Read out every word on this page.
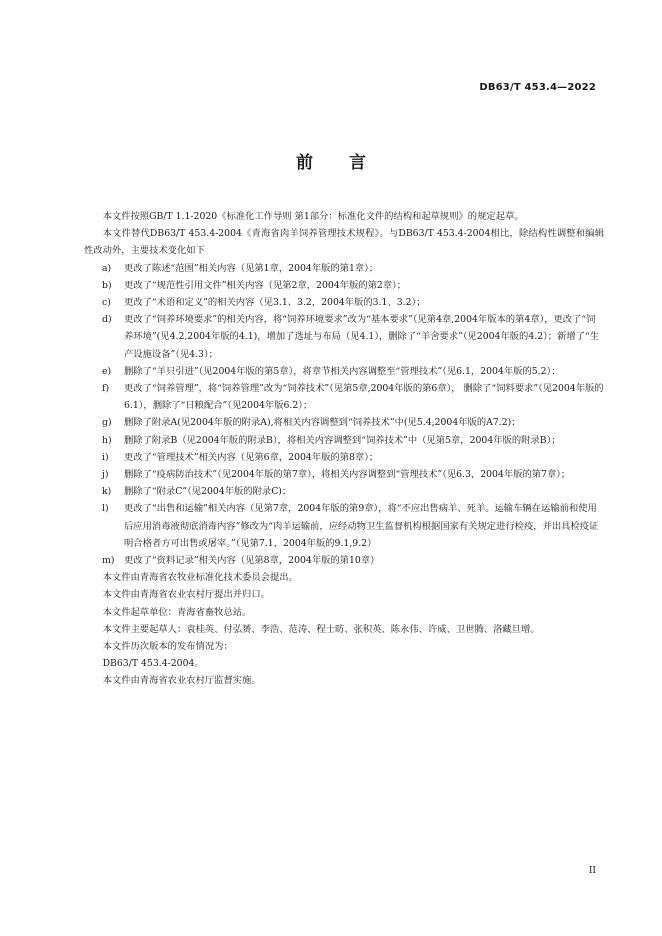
DB63/T 453.4—2022
前言

本文件按照GB/T 1.1-2020《标准化工作导则 第1部分：标准化文件的结构和起草规则》的规定起草。

本文件替代DB63/T 453.4-2004《青海省肉羊饲养管理技术规程》。与DB63/T 453.4-2004相比，除结构性调整和编辑性改动外，主要技术变化如下

a) 更改了陈述“范围”相关内容（见第1章，2004年版的第1章）；
b) 更改了“规范性引用文件”相关内容（见第2章，2004年版的第2章）；
c) 更改了“术语和定义”的相关内容（见3.1、3.2，2004年版的3.1、3.2）；
d) 更改了“饲养环境要求”的相关内容，将“饲养环境要求”改为“基本要求”（见第4章,2004年版本的第4章），更改了“饲养环境”(见4.2,2004年版的4.1)，增加了选址与布局（见4.1），删除了“羊舍要求”（见2004年版的4.2）；新增了“生产设施设备”（见4.3）；
e) 删除了“羊只引进”（见2004年版的第5章），将章节相关内容调整至“管理技术”（见6.1，2004年版的5.2）；
f) 更改了“饲养管理”，将“饲养管理”改为“饲养技术”（见第5章,2004年版的第6章）， 删除了“饲料要求”（见2004年版的6.1），删除了“日粮配合”（见2004年版6.2）；
g) 删除了附录A(见2004年版的附录A),将相关内容调整到“饲养技术”中(见5.4,2004年版的A7.2)；
h) 删除了附录B（见2004年版的附录B），将相关内容调整到“饲养技术”中（见第5章，2004年版的附录B）；
i) 更改了“管理技术”相关内容（见第6章，2004年版的第8章）；
j) 删除了“疫病防治技术”（见2004年版的第7章），将相关内容调整到“管理技术”（见6.3，2004年版的第7章）；
k) 删除了“附录C”（见2004年版的附录C)；
l) 更改了“出售和运输”相关内容（见第7章，2004年版的第9章），将“不应出售病羊、死羊。运输车辆在运输前和使用后应用消毒液彻底消毒内容”修改为“肉羊运输前，应经动物卫生监督机构根据国家有关规定进行检疫，并出具检疫证明合格者方可出售或屠宰。”（见第7.1，2004年版的9.1,9.2）
m) 更改了“资料记录”相关内容（见第8章，2004年版的第10章）

本文件由青海省农牧业标准化技术委员会提出。

本文件由青海省农业农村厅提出并归口。

本文件起草单位：青海省畜牧总站。

本文件主要起草人：袁桂英、付弘赟、李浩、范涛、程士昉、张积英、陈永伟、许威、卫世腾、洛藏旦增。

本文件历次版本的发布情况为：

DB63/T 453.4-2004。

本文件由青海省农业农村厅监督实施。

II
